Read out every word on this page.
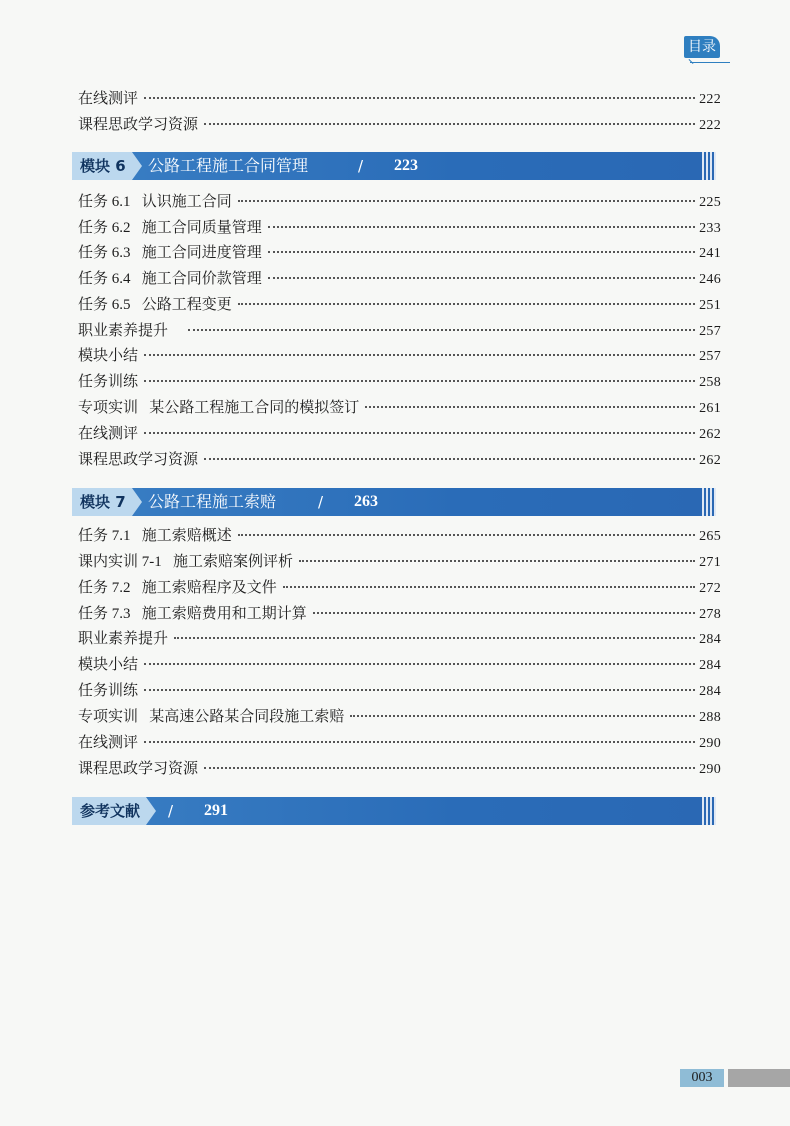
目录
在线测评	222
课程思政学习资源	222
模块 6	公路工程施工合同管理	/ 223
任务 6.1   认识施工合同	225
任务 6.2   施工合同质量管理	233
任务 6.3   施工合同进度管理	241
任务 6.4   施工合同价款管理	246
任务 6.5   公路工程变更	251
职业素养提升	257
模块小结	257
任务训练	258
专项实训   某公路工程施工合同的模拟签订	261
在线测评	262
课程思政学习资源	262
模块 7	公路工程施工索赔	/ 263
任务 7.1   施工索赔概述	265
课内实训 7-1   施工索赔案例评析	271
任务 7.2   施工索赔程序及文件	272
任务 7.3   施工索赔费用和工期计算	278
职业素养提升	284
模块小结	284
任务训练	284
专项实训   某高速公路某合同段施工索赔	288
在线测评	290
课程思政学习资源	290
参考文献	/ 291
003
